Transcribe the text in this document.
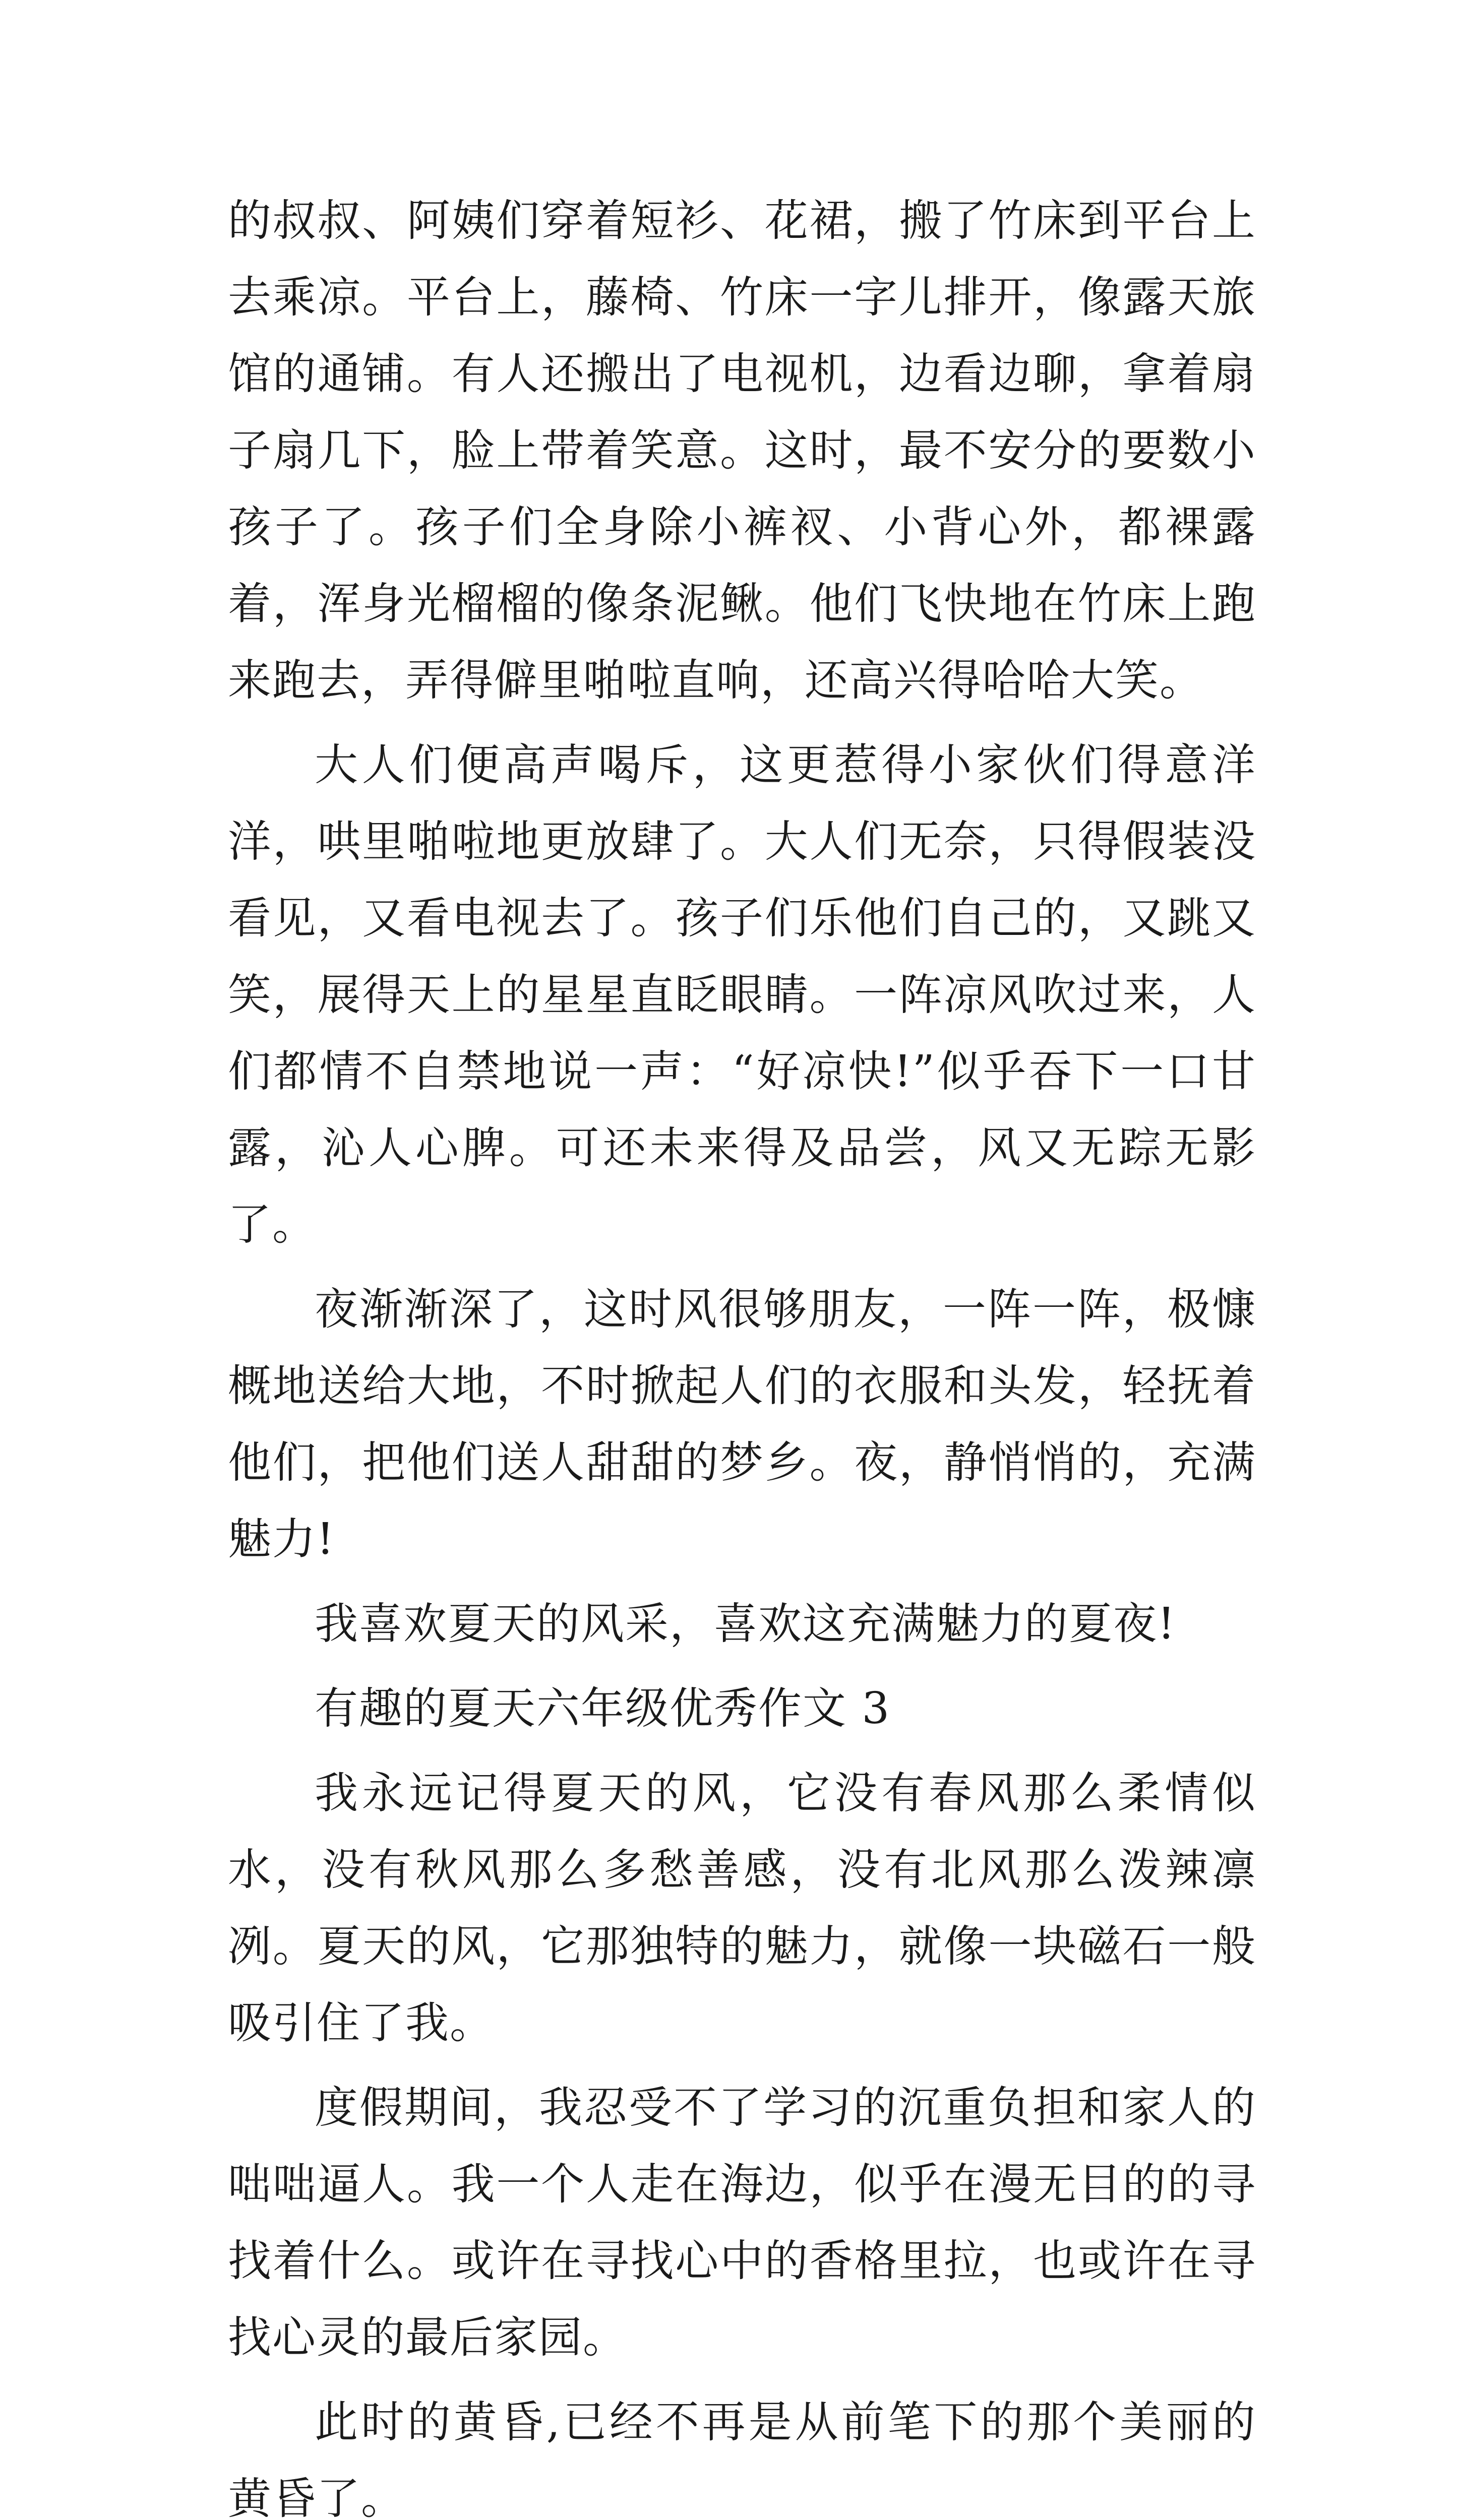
的叔叔、阿姨们穿着短衫、花裙，搬了竹床到平台上去乘凉。平台上，藤椅、竹床一字儿排开，像露天旅馆的通铺。有人还搬出了电视机，边看边聊，拿着扇子扇几下，脸上带着笑意。这时，最不安分的要数小孩子了。孩子们全身除小裤衩、小背心外，都裸露着，浑身光榴榴的像条泥鳅。他们飞快地在竹床上跑来跑去，弄得僻里啪啦直响，还高兴得哈哈大笑。

大人们便高声喝斥，这更惹得小家伙们得意洋洋，哄里啪啦地更放肆了。大人们无奈，只得假装没看见，又看电视去了。孩子们乐他们自己的，又跳又笑，展得天上的星星直眨眼睛。一阵凉风吹过来，人们都情不自禁地说一声：“好凉快!”似乎吞下一口甘露，沁人心脾。可还未来得及品尝，风又无踪无影了。

夜渐渐深了，这时风很够朋友，一阵一阵，极慷概地送给大地，不时掀起人们的衣服和头发，轻抚着他们，把他们送人甜甜的梦乡。夜，静悄悄的，充满魅力!

我喜欢夏天的风采，喜欢这充满魅力的夏夜!

有趣的夏天六年级优秀作文 3

我永远记得夏天的风，它没有春风那么柔情似水，没有秋风那么多愁善感，没有北风那么泼辣凛冽。夏天的风，它那独特的魅力，就像一块磁石一般吸引住了我。

度假期间，我忍受不了学习的沉重负担和家人的咄咄逼人。我一个人走在海边，似乎在漫无目的的寻找着什么。或许在寻找心中的香格里拉，也或许在寻找心灵的最后家园。

此时的黄昏,已经不再是从前笔下的那个美丽的黄昏了。
